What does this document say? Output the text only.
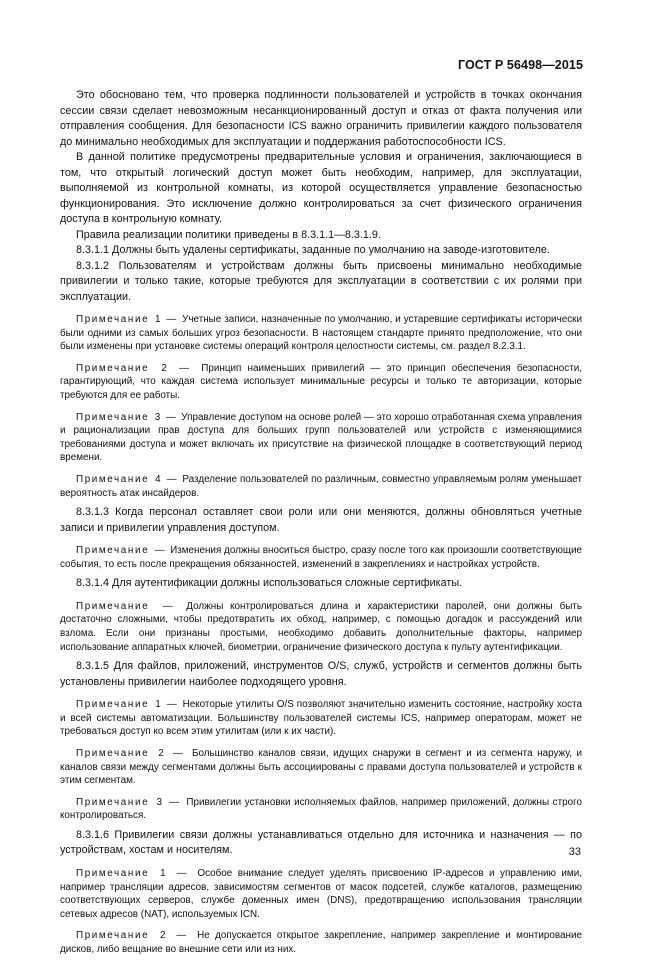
ГОСТ Р 56498—2015

Это обосновано тем, что проверка подлинности пользователей и устройств в точках окончания сессии связи сделает невозможным несанкционированный доступ и отказ от факта получения или отправления сообщения. Для безопасности ICS важно ограничить привилегии каждого пользователя до минимально необходимых для эксплуатации и поддержания работоспособности ICS.

В данной политике предусмотрены предварительные условия и ограничения, заключающиеся в том, что открытый логический доступ может быть необходим, например, для эксплуатации, выполняемой из контрольной комнаты, из которой осуществляется управление безопасностью функционирования. Это исключение должно контролироваться за счет физического ограничения доступа в контрольную комнату.

Правила реализации политики приведены в 8.3.1.1—8.3.1.9.

8.3.1.1 Должны быть удалены сертификаты, заданные по умолчанию на заводе-изготовителе.

8.3.1.2 Пользователям и устройствам должны быть присвоены минимально необходимые привилегии и только такие, которые требуются для эксплуатации в соответствии с их ролями при эксплуатации.

Примечание 1  —  Учетные записи, назначенные по умолчанию, и устаревшие сертификаты исторически были одними из самых больших угроз безопасности. В настоящем стандарте принято предположение, что они были изменены при установке системы операций контроля целостности системы, см. раздел 8.2.3.1.

Примечание 2  —  Принцип наименьших привилегий — это принцип обеспечения безопасности, гарантирующий, что каждая система использует минимальные ресурсы и только те авторизации, которые требуются для ее работы.

Примечание 3  —  Управление доступом на основе ролей — это хорошо отработанная схема управления и рационализации прав доступа для больших групп пользователей или устройств с изменяющимися требованиями доступа и может включать их присутствие на физической площадке в соответствующий период времени.

Примечание 4  —  Разделение пользователей по различным, совместно управляемым ролям уменьшает вероятность атак инсайдеров.

8.3.1.3 Когда персонал оставляет свои роли или они меняются, должны обновляться учетные записи и привилегии управления доступом.

Примечание  —  Изменения должны вноситься быстро, сразу после того как произошли соответствующие события, то есть после прекращения обязанностей, изменений в закреплениях и настройках устройств.

8.3.1.4 Для аутентификации должны использоваться сложные сертификаты.

Примечание  —  Должны контролироваться длина и характеристики паролей, они должны быть достаточно сложными, чтобы предотвратить их обход, например, с помощью догадок и рассуждений или взлома. Если они признаны простыми, необходимо добавить дополнительные факторы, например использование аппаратных ключей, биометрии, ограничение физического доступа к пульту аутентификации.

8.3.1.5 Для файлов, приложений, инструментов O/S, служб, устройств и сегментов должны быть установлены привилегии наиболее подходящего уровня.

Примечание 1  —  Некоторые утилиты O/S позволяют значительно изменить состояние, настройку хоста и всей системы автоматизации. Большинству пользователей системы ICS, например операторам, может не требоваться доступ ко всем этим утилитам (или к их части).

Примечание 2  —  Большинство каналов связи, идущих снаружи в сегмент и из сегмента наружу, и каналов связи между сегментами должны быть ассоциированы с правами доступа пользователей и устройств к этим сегментам.

Примечание 3  —  Привилегии установки исполняемых файлов, например приложений, должны строго контролироваться.

8.3.1.6 Привилегии связи должны устанавливаться отдельно для источника и назначения — по устройствам, хостам и носителям.

Примечание 1  —  Особое внимание следует уделять присвоению IP-адресов и управлению ими, например трансляции адресов, зависимостям сегментов от масок подсетей, службе каталогов, размещению соответствующих серверов, службе доменных имен (DNS), предотвращению использования трансляции сетевых адресов (NAT), используемых ICN.

Примечание 2  —  Не допускается открытое закрепление, например закрепление и монтирование дисков, либо вещание во внешние сети или из них.

33
